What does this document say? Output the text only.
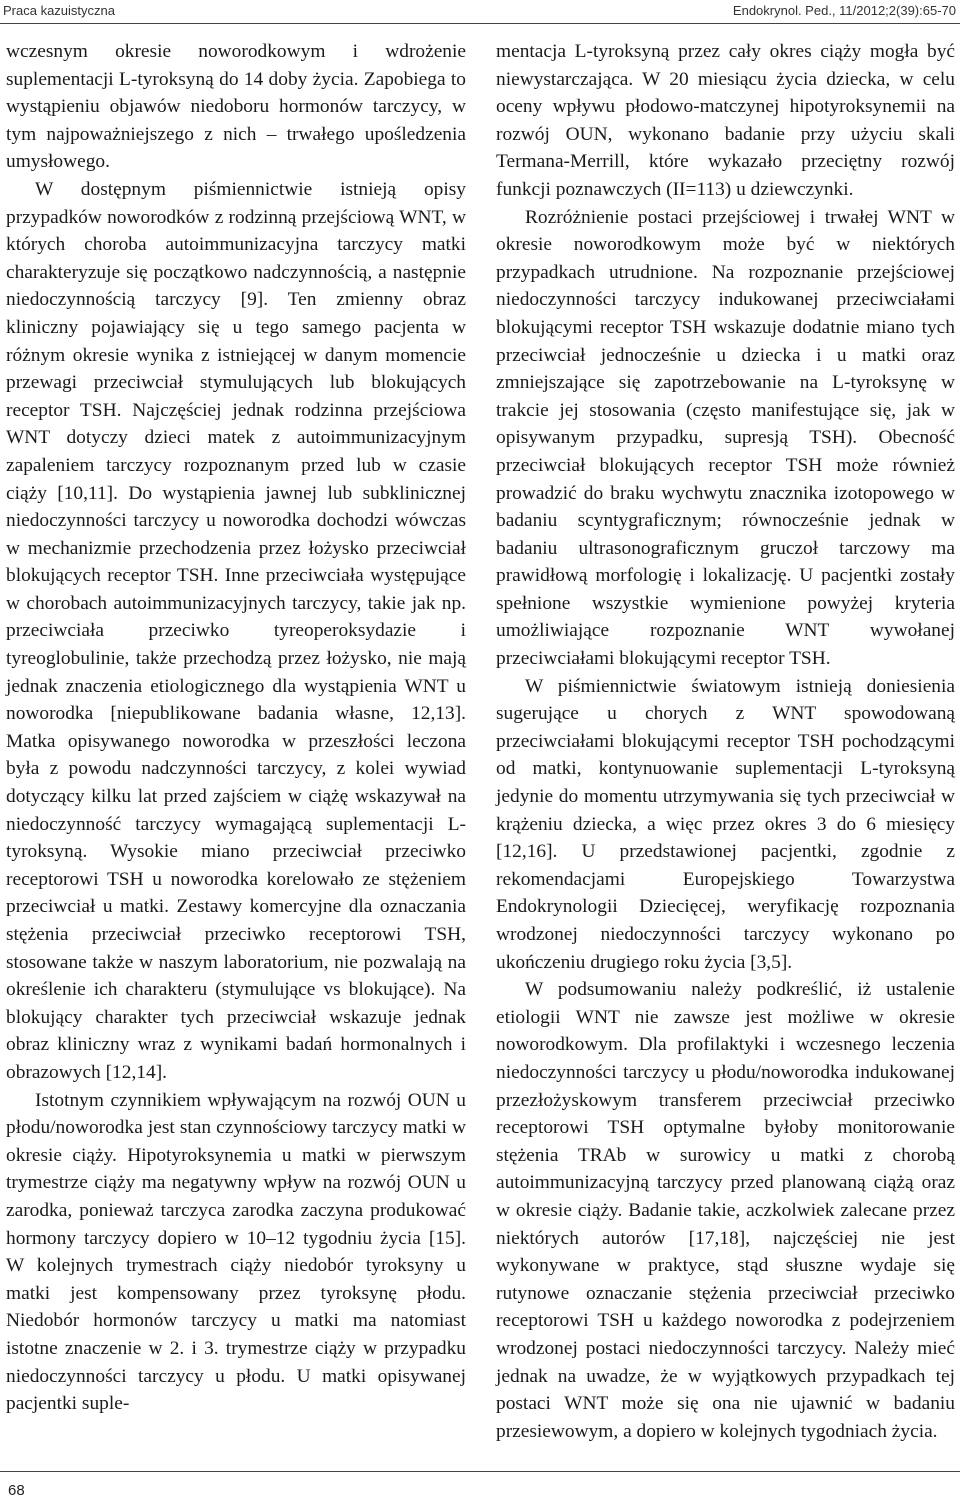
Praca kazuistyczna	Endokrynol. Ped., 11/2012;2(39):65-70

wczesnym okresie noworodkowym i wdrożenie suplementacji L-tyroksyną do 14 doby życia. Zapobiega to wystąpieniu objawów niedoboru hormonów tarczycy, w tym najpoważniejszego z nich – trwałego upośledzenia umysłowego.

W dostępnym piśmiennictwie istnieją opisy przypadków noworodków z rodzinną przejściową WNT, w których choroba autoimmunizacyjna tarczycy matki charakteryzuje się początkowo nadczynnością, a następnie niedoczynnością tarczycy [9]. Ten zmienny obraz kliniczny pojawiający się u tego samego pacjenta w różnym okresie wynika z istniejącej w danym momencie przewagi przeciwciał stymulujących lub blokujących receptor TSH. Najczęściej jednak rodzinna przejściowa WNT dotyczy dzieci matek z autoimmunizacyjnym zapaleniem tarczycy rozpoznanym przed lub w czasie ciąży [10,11]. Do wystąpienia jawnej lub subklinicznej niedoczynności tarczycy u noworodka dochodzi wówczas w mechanizmie przechodzenia przez łożysko przeciwciał blokujących receptor TSH. Inne przeciwciała występujące w chorobach autoimmunizacyjnych tarczycy, takie jak np. przeciwciała przeciwko tyreoperoksydazie i tyreoglobulinie, także przechodzą przez łożysko, nie mają jednak znaczenia etiologicznego dla wystąpienia WNT u noworodka [niepublikowane badania własne, 12,13]. Matka opisywanego noworodka w przeszłości leczona była z powodu nadczynności tarczycy, z kolei wywiad dotyczący kilku lat przed zajściem w ciążę wskazywał na niedoczynność tarczycy wymagającą suplementacji L-tyroksyną. Wysokie miano przeciwciał przeciwko receptorowi TSH u noworodka korelowało ze stężeniem przeciwciał u matki. Zestawy komercyjne dla oznaczania stężenia przeciwciał przeciwko receptorowi TSH, stosowane także w naszym laboratorium, nie pozwalają na określenie ich charakteru (stymulujące vs blokujące). Na blokujący charakter tych przeciwciał wskazuje jednak obraz kliniczny wraz z wynikami badań hormonalnych i obrazowych [12,14].

Istotnym czynnikiem wpływającym na rozwój OUN u płodu/noworodka jest stan czynnościowy tarczycy matki w okresie ciąży. Hipotyroksynemia u matki w pierwszym trymestrze ciąży ma negatywny wpływ na rozwój OUN u zarodka, ponieważ tarczyca zarodka zaczyna produkować hormony tarczycy dopiero w 10–12 tygodniu życia [15]. W kolejnych trymestrach ciąży niedobór tyroksyny u matki jest kompensowany przez tyroksynę płodu. Niedobór hormonów tarczycy u matki ma natomiast istotne znaczenie w 2. i 3. trymestrze ciąży w przypadku niedoczynności tarczycy u płodu. U matki opisywanej pacjentki suple-

mentacja L-tyroksyną przez cały okres ciąży mogła być niewystarczająca. W 20 miesiącu życia dziecka, w celu oceny wpływu płodowo-matczynej hipotyroksynemii na rozwój OUN, wykonano badanie przy użyciu skali Termana-Merrill, które wykazało przeciętny rozwój funkcji poznawczych (II=113) u dziewczynki.

Rozróżnienie postaci przejściowej i trwałej WNT w okresie noworodkowym może być w niektórych przypadkach utrudnione. Na rozpoznanie przejściowej niedoczynności tarczycy indukowanej przeciwciałami blokującymi receptor TSH wskazuje dodatnie miano tych przeciwciał jednocześnie u dziecka i u matki oraz zmniejszające się zapotrzebowanie na L-tyroksynę w trakcie jej stosowania (często manifestujące się, jak w opisywanym przypadku, supresją TSH). Obecność przeciwciał blokujących receptor TSH może również prowadzić do braku wychwytu znacznika izotopowego w badaniu scyntygraficznym; równocześnie jednak w badaniu ultrasonograficznym gruczoł tarczowy ma prawidłową morfologię i lokalizację. U pacjentki zostały spełnione wszystkie wymienione powyżej kryteria umożliwiające rozpoznanie WNT wywołanej przeciwciałami blokującymi receptor TSH.

W piśmiennictwie światowym istnieją doniesienia sugerujące u chorych z WNT spowodowaną przeciwciałami blokującymi receptor TSH pochodzącymi od matki, kontynuowanie suplementacji L-tyroksyną jedynie do momentu utrzymywania się tych przeciwciał w krążeniu dziecka, a więc przez okres 3 do 6 miesięcy [12,16]. U przedstawionej pacjentki, zgodnie z rekomendacjami Europejskiego Towarzystwa Endokrynologii Dziecięcej, weryfikację rozpoznania wrodzonej niedoczynności tarczycy wykonano po ukończeniu drugiego roku życia [3,5].

W podsumowaniu należy podkreślić, iż ustalenie etiologii WNT nie zawsze jest możliwe w okresie noworodkowym. Dla profilaktyki i wczesnego leczenia niedoczynności tarczycy u płodu/noworodka indukowanej przezłożyskowym transferem przeciwciał przeciwko receptorowi TSH optymalne byłoby monitorowanie stężenia TRAb w surowicy u matki z chorobą autoimmunizacyjną tarczycy przed planowaną ciążą oraz w okresie ciąży. Badanie takie, aczkolwiek zalecane przez niektórych autorów [17,18], najczęściej nie jest wykonywane w praktyce, stąd słuszne wydaje się rutynowe oznaczanie stężenia przeciwciał przeciwko receptorowi TSH u każdego noworodka z podejrzeniem wrodzonej postaci niedoczynności tarczycy. Należy mieć jednak na uwadze, że w wyjątkowych przypadkach tej postaci WNT może się ona nie ujawnić w badaniu przesiewowym, a dopiero w kolejnych tygodniach życia.

68
